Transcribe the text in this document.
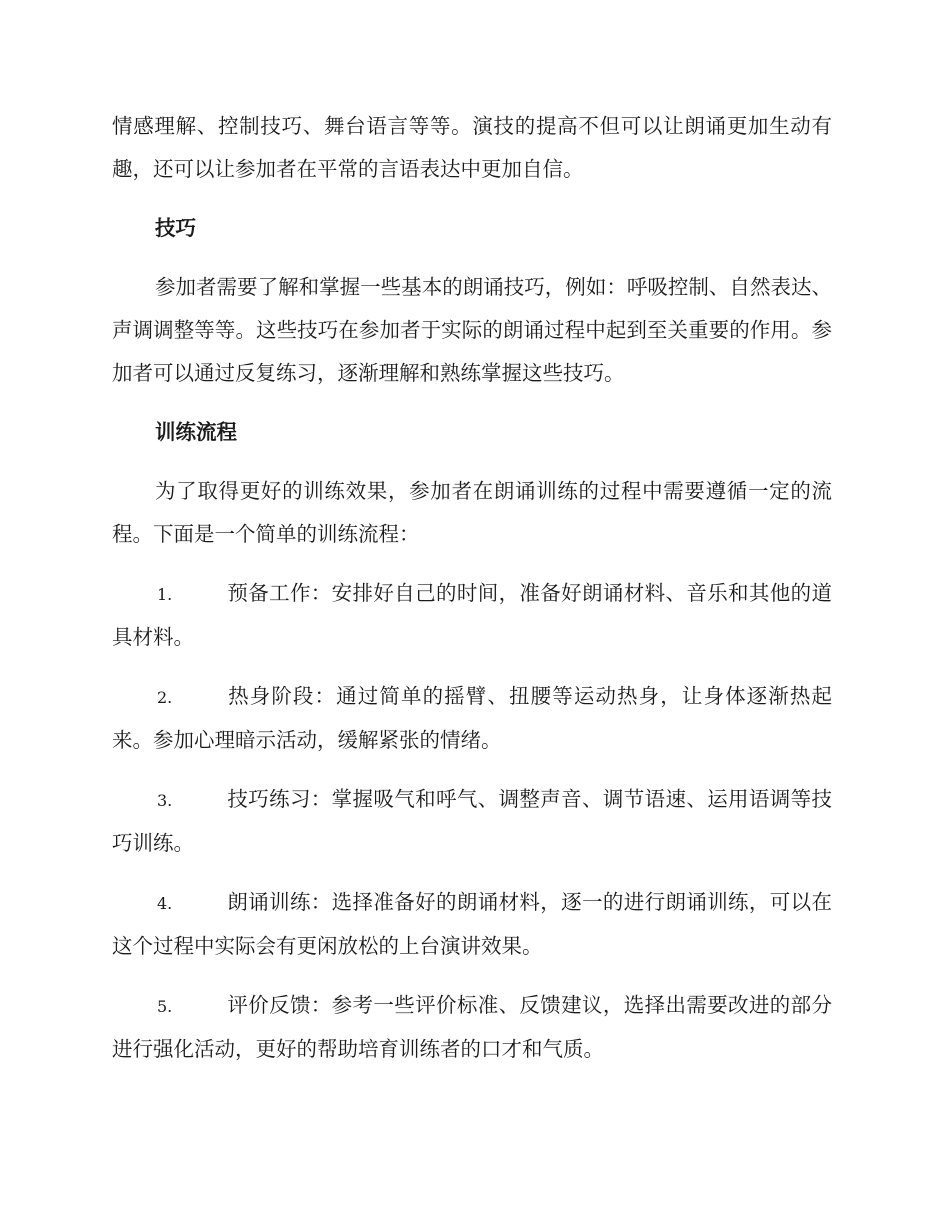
情感理解、控制技巧、舞台语言等等。演技的提高不但可以让朗诵更加生动有趣，还可以让参加者在平常的言语表达中更加自信。

技巧

参加者需要了解和掌握一些基本的朗诵技巧，例如：呼吸控制、自然表达、声调调整等等。这些技巧在参加者于实际的朗诵过程中起到至关重要的作用。参加者可以通过反复练习，逐渐理解和熟练掌握这些技巧。

训练流程

为了取得更好的训练效果，参加者在朗诵训练的过程中需要遵循一定的流程。下面是一个简单的训练流程：

1.	预备工作：安排好自己的时间，准备好朗诵材料、音乐和其他的道具材料。

2.	热身阶段：通过简单的摇臂、扭腰等运动热身，让身体逐渐热起来。参加心理暗示活动，缓解紧张的情绪。

3.	技巧练习：掌握吸气和呼气、调整声音、调节语速、运用语调等技巧训练。

4.	朗诵训练：选择准备好的朗诵材料，逐一的进行朗诵训练，可以在这个过程中实际会有更闲放松的上台演讲效果。

5.	评价反馈：参考一些评价标准、反馈建议，选择出需要改进的部分进行强化活动，更好的帮助培育训练者的口才和气质。
